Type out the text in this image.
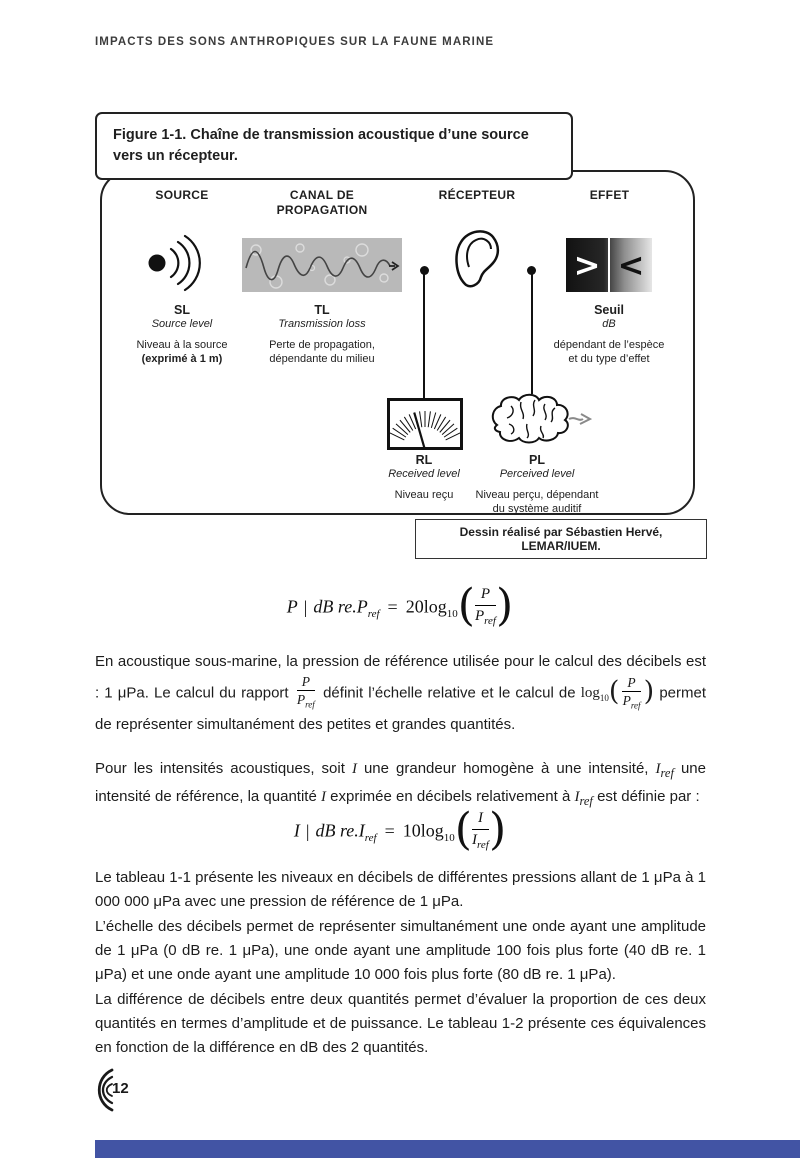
IMPACTS DES SONS ANTHROPIQUES SUR LA FAUNE MARINE
Figure 1-1. Chaîne de transmission acoustique d’une source vers un récepteur.
SOURCE	CANAL DE PROPAGATION
RÉCEPTEUR	EFFET
> <
SL
Source level
Niveau à la source
(exprimé à 1 m)
TL
Transmission loss
Perte de propagation,
dépendante du milieu
Seuil
dB
dépendant de l’espèce
et du type d’effet
RL
Received level
Niveau reçu
PL
Perceived level
Niveau perçu, dépendant
du système auditif
Dessin réalisé par Sébastien Hervé, LEMAR/IUEM.
P | dB $re.P_{ref} = 20\log_{10}( \frac{P}{P_{ref}}$ )

En acoustique sous-marine, la pression de référence utilisée pour le calcul des décibels est : 1 μPa. Le calcul du rapport $\frac{P}{P_{ref}}$ définit l’échelle relative et le calcul de $\log_{10}( \frac{P}{P_{ref}}$ ) permet de représenter simultanément des petites et grandes quantités.

Pour les intensités acoustiques, soit I une grandeur homogène à une intensité, $I_{ref}$ une intensité de référence, la quantité I exprimée en décibels relativement à $I_{ref}$ est définie par :

I | dB $re.I_{ref} = 10\log_{10}( \frac{I}{I_{ref}}$ )

Le tableau 1-1 présente les niveaux en décibels de différentes pressions allant de 1 μPa à 1 000 000 μPa avec une pression de référence de 1 μPa.

L’échelle des décibels permet de représenter simultanément une onde ayant une amplitude de 1 μPa (0 dB re. 1 μPa), une onde ayant une amplitude 100 fois plus forte (40 dB re. 1 μPa) et une onde ayant une amplitude 10 000 fois plus forte (80 dB re. 1 μPa).

La différence de décibels entre deux quantités permet d’évaluer la proportion de ces deux quantités en termes d’amplitude et de puissance. Le tableau 1-2 présente ces équivalences en fonction de la différence en dB des 2 quantités.

12
